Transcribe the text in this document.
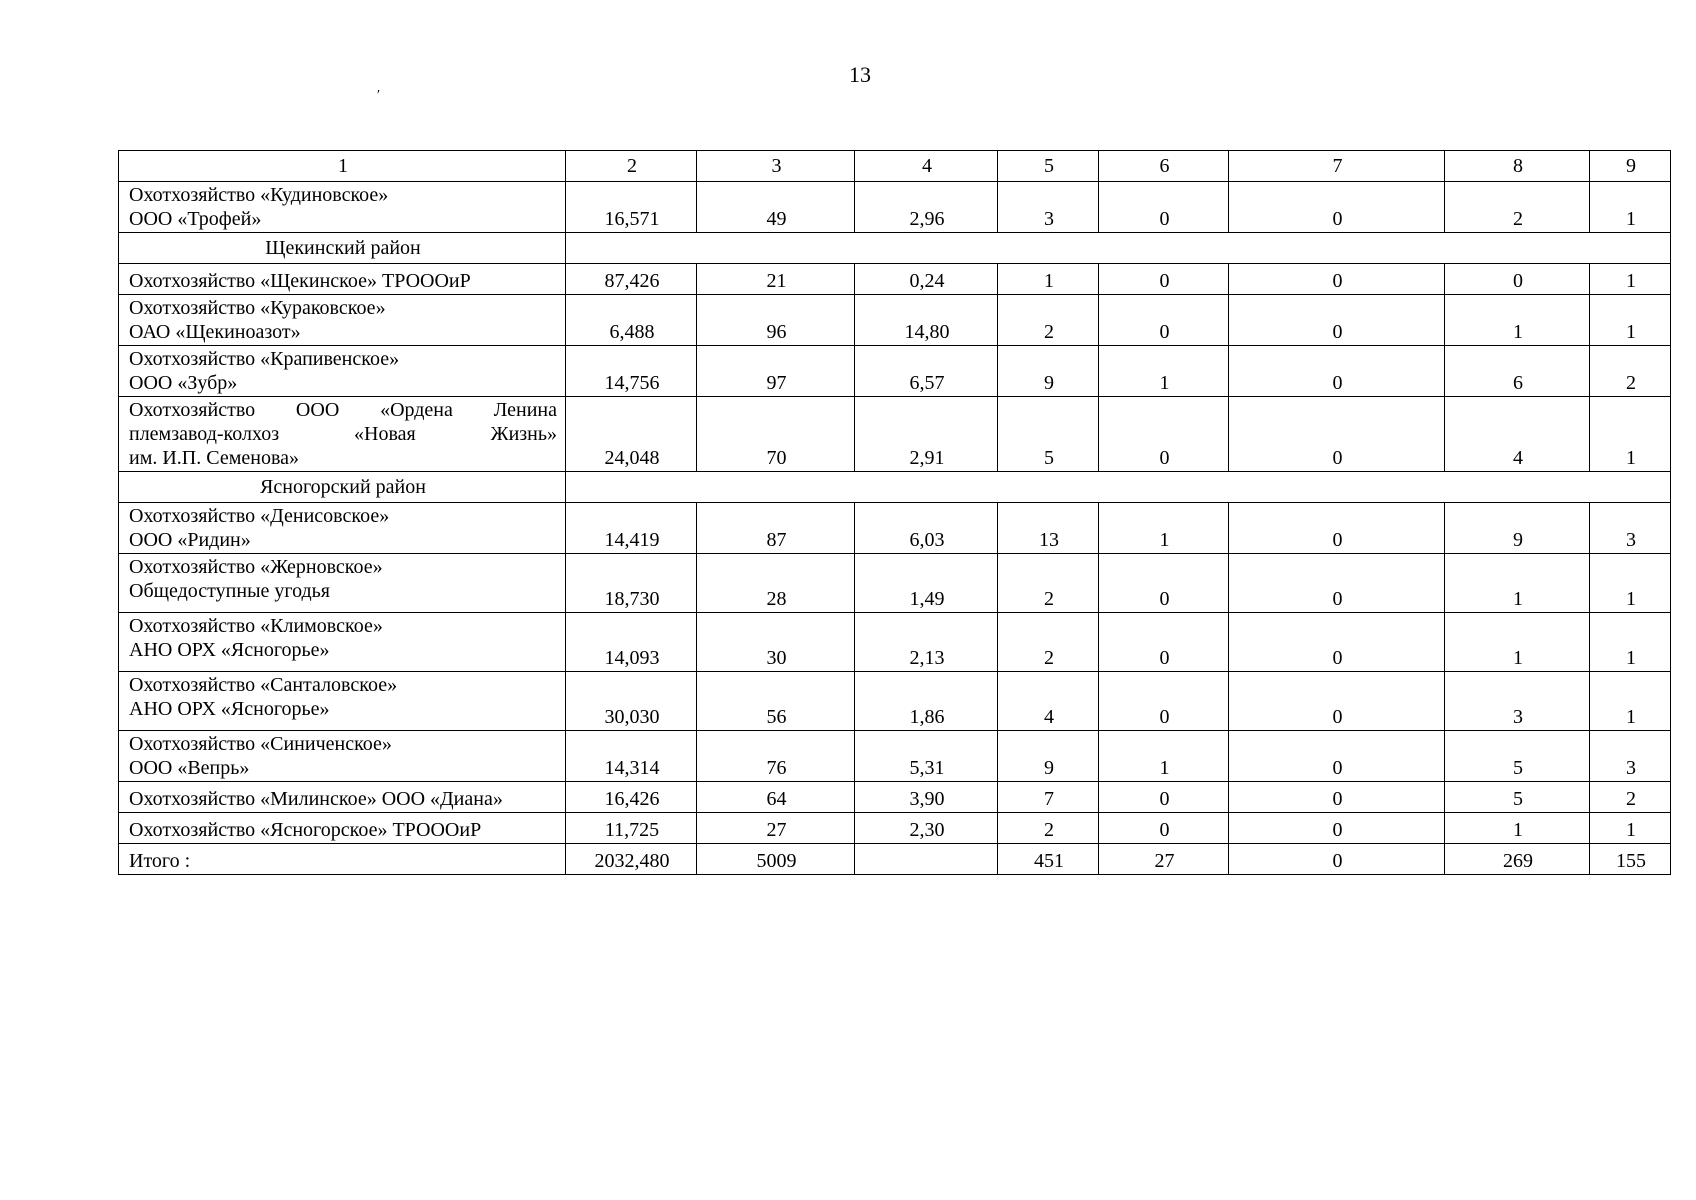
13
′
1	2	3	4	5	6	7	8	9

Охотхозяйство «Кудиновское»
ООО «Трофей»	16,571	49	2,96	3	0	0	2	1
Щекинский район								

Охотхозяйство «Щекинское» ТРОООиР	87,426	21	0,24	1	0	0	0	1

Охотхозяйство «Кураковское»
ОАО «Щекиноазот»	6,488	96	14,80	2	0	0	1	1

Охотхозяйство «Крапивенское»
ООО «Зубр»	14,756	97	6,57	9	1	0	6	2

Охотхозяйство ООО «Ордена Ленина
племзавод-колхоз «Новая Жизнь»
им. И.П. Семенова»	24,048	70	2,91	5	0	0	4	1
Ясногорский район								

Охотхозяйство «Денисовское»
ООО «Ридин»	14,419	87	6,03	13	1	0	9	3

Охотхозяйство «Жерновское»
Общедоступные угодья	18,730	28	1,49	2	0	0	1	1

Охотхозяйство «Климовское»
АНО ОРХ «Ясногорье»	14,093	30	2,13	2	0	0	1	1

Охотхозяйство «Санталовское»
АНО ОРХ «Ясногорье»	30,030	56	1,86	4	0	0	3	1

Охотхозяйство «Синиченское»
ООО «Вепрь»	14,314	76	5,31	9	1	0	5	3

Охотхозяйство «Милинское» ООО «Диана»	16,426	64	3,90	7	0	0	5	2

Охотхозяйство «Ясногорское» ТРОООиР	11,725	27	2,30	2	0	0	1	1
Итого :	2032,480	5009		451	27	0	269	155
